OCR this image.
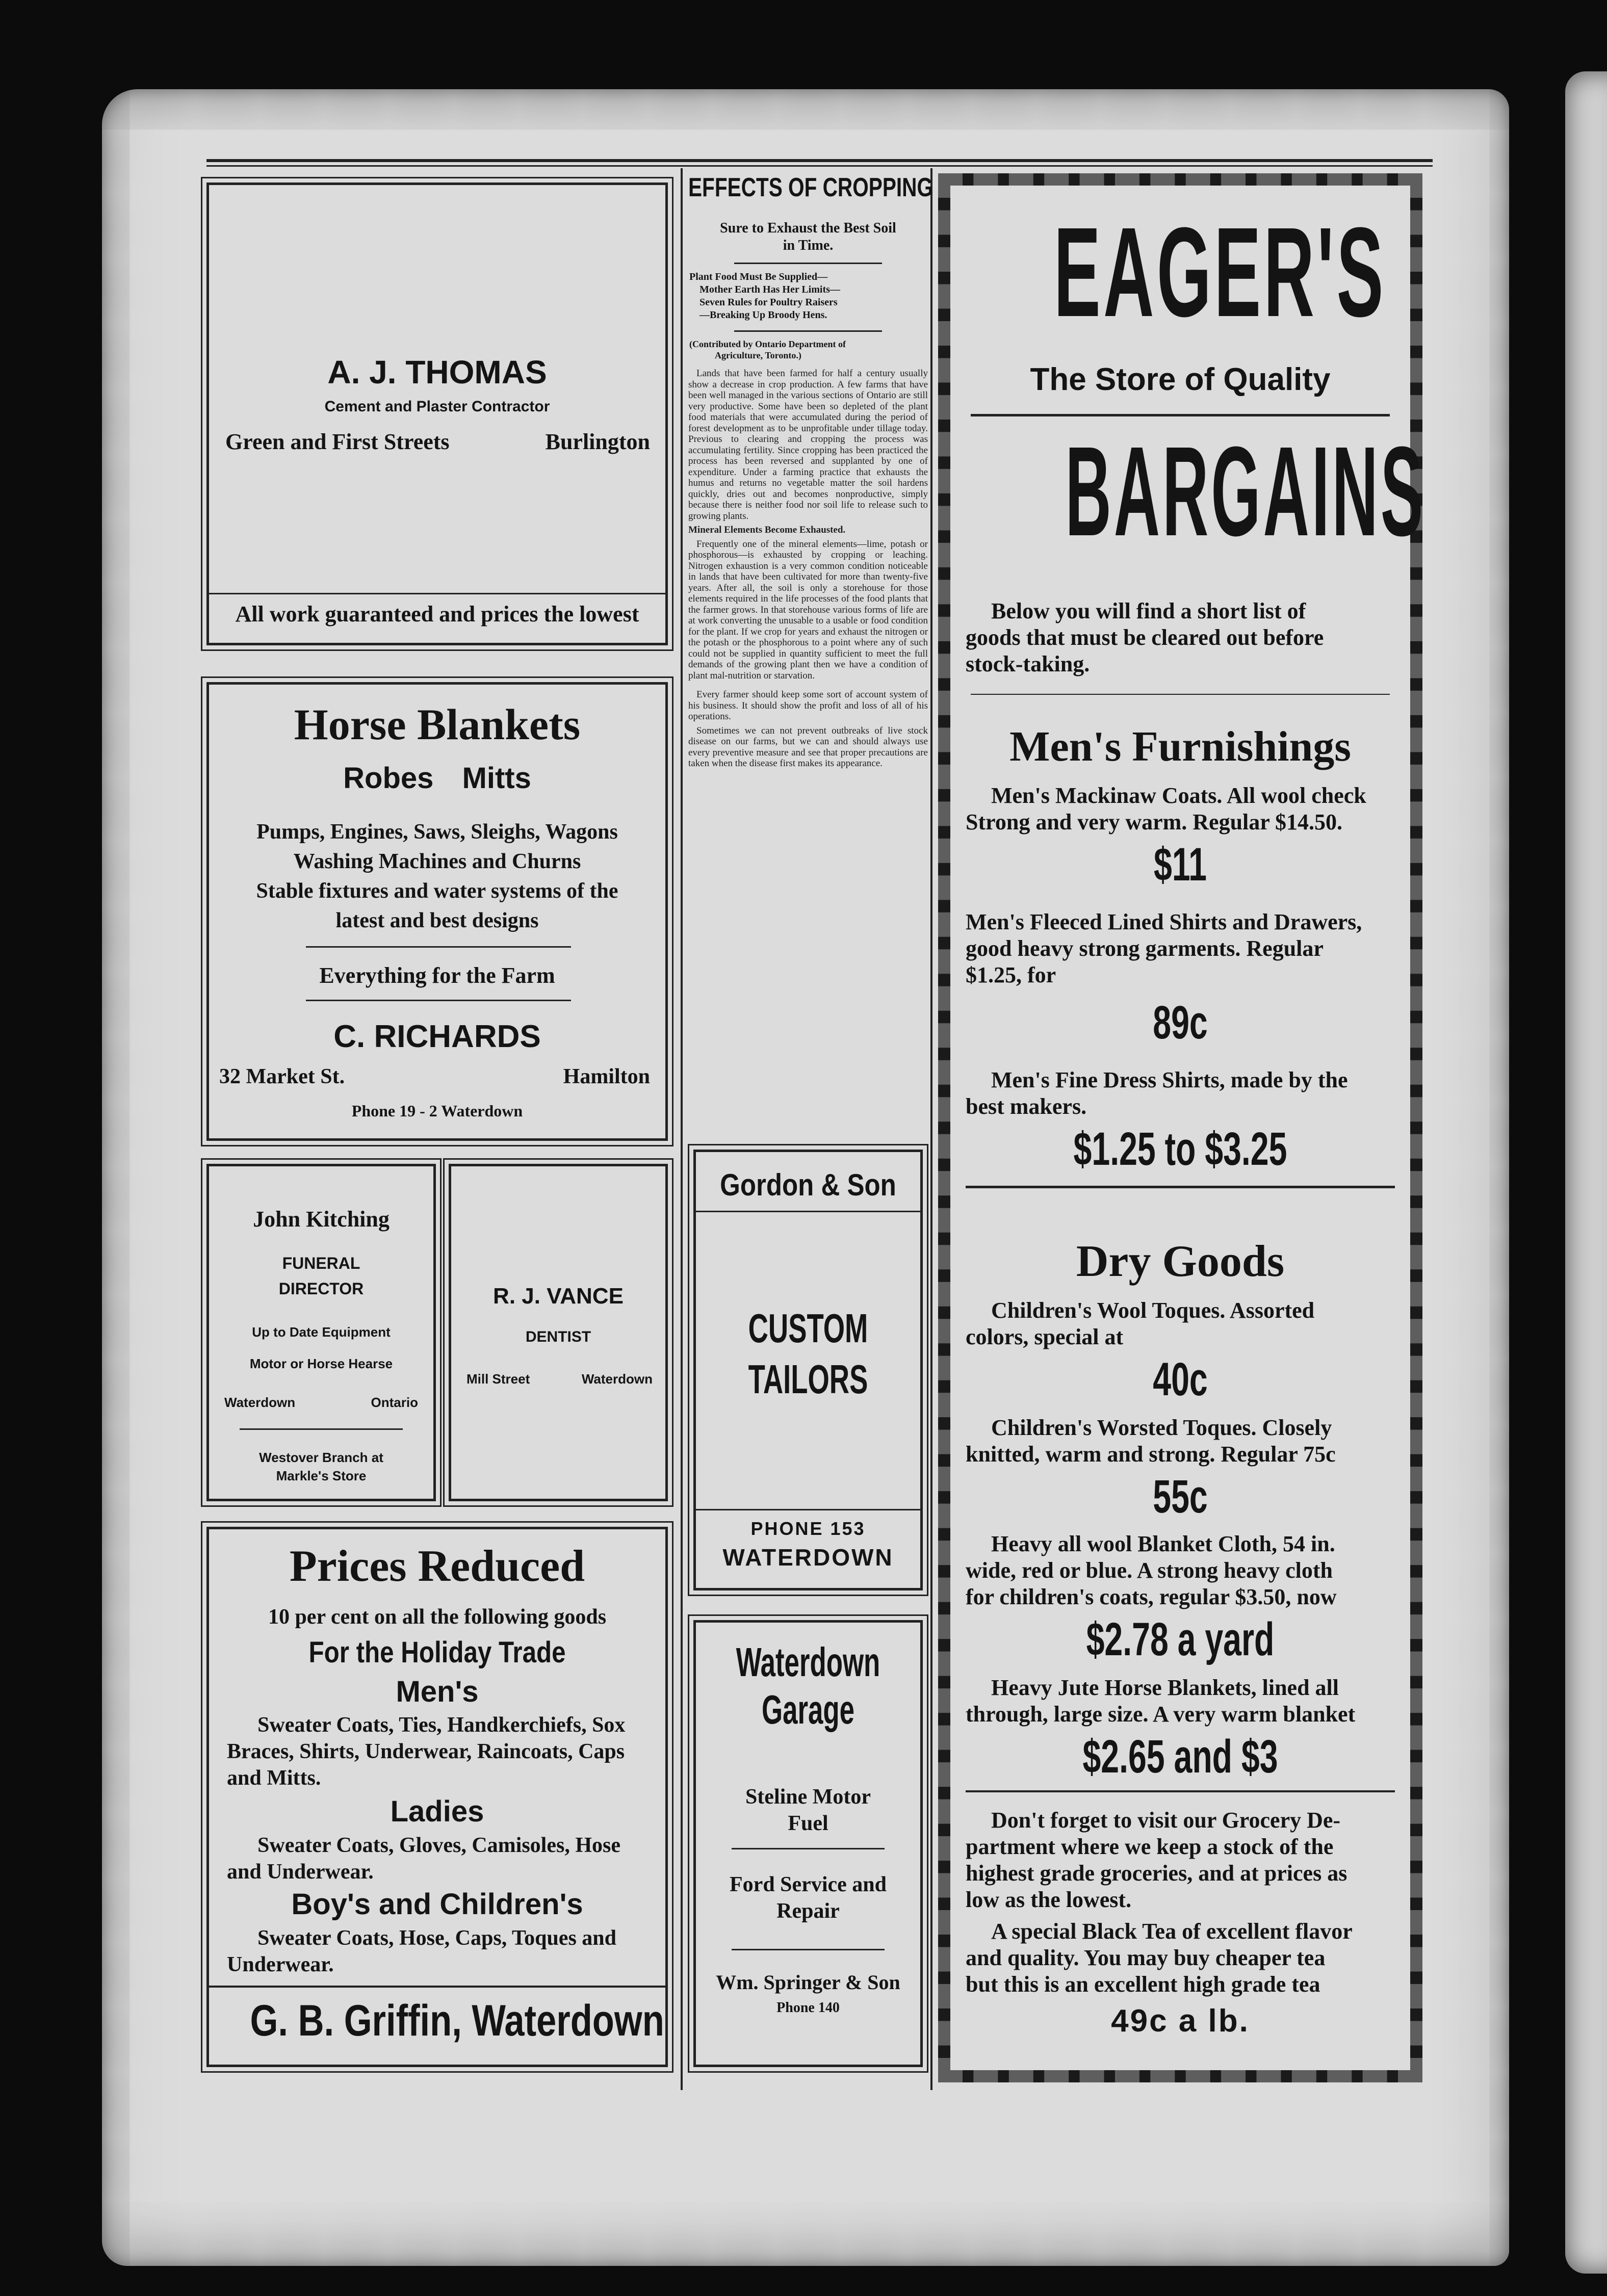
A. J. THOMAS
Cement and Plaster Contractor
Green and First Streets	Burlington
All work guaranteed and prices the lowest
Horse Blankets
Robes Mitts
Pumps, Engines, Saws, Sleighs, Wagons
Washing Machines and Churns
Stable fixtures and water systems of the
latest and best designs
Everything for the Farm
C. RICHARDS
32 Market St.	Hamilton
Phone 19 - 2 Waterdown
John Kitching
FUNERAL
DIRECTOR
Up to Date Equipment
Motor or Horse Hearse
Waterdown	Ontario
Westover Branch at
Markle's Store
R. J. VANCE
DENTIST
Mill Street	Waterdown
Prices Reduced
10 per cent on all the following goods
For the Holiday Trade
Men's
Sweater Coats, Ties, Handkerchiefs, Sox
Braces, Shirts, Underwear, Raincoats, Caps
and Mitts.
Ladies
Sweater Coats, Gloves, Camisoles, Hose
and Underwear.
Boy's and Children's
Sweater Coats, Hose, Caps, Toques and
Underwear.
G. B. Griffin, Waterdown
EFFECTS OF CROPPING
Sure to Exhaust the Best Soil
in Time.
Plant Food Must Be Supplied—
Mother Earth Has Her Limits—
Seven Rules for Poultry Raisers
—Breaking Up Broody Hens.
(Contributed by Ontario Department of
Agriculture, Toronto.)

Lands that have been farmed for half a century usually show a decrease in crop production. A few farms that have been well managed in the various sections of Ontario are still very productive. Some have been so depleted of the plant food materials that were accumulated during the period of forest development as to be unprofitable under tillage today. Previous to clearing and cropping the process was accumulating fertility. Since cropping has been practiced the process has been reversed and supplanted by one of expenditure. Under a farming practice that exhausts the humus and returns no vegetable matter the soil hardens quickly, dries out and becomes nonproductive, simply because there is neither food nor soil life to release such to growing plants.

Mineral Elements Become Exhausted.

Frequently one of the mineral elements—lime, potash or phosphorous—is exhausted by cropping or leaching. Nitrogen exhaustion is a very common condition noticeable in lands that have been cultivated for more than twenty-five years. After all, the soil is only a storehouse for those elements required in the life processes of the food plants that the farmer grows. In that storehouse various forms of life are at work converting the unusable to a usable or food condition for the plant. If we crop for years and exhaust the nitrogen or the potash or the phosphorous to a point where any of such could not be supplied in quantity sufficient to meet the full demands of the growing plant then we have a condition of plant mal-nutrition or starvation.

Every farmer should keep some sort of account system of his business. It should show the profit and loss of all of his operations.

Sometimes we can not prevent outbreaks of live stock disease on our farms, but we can and should always use every preventive measure and see that proper precautions are taken when the disease first makes its appearance.

Gordon & Son
CUSTOM
TAILORS
PHONE 153
WATERDOWN
Waterdown
Garage
Steline Motor
Fuel
Ford Service and
Repair
Wm. Springer & Son
Phone 140
EAGER'S
The Store of Quality
BARGAINS
Below you will find a short list of
goods that must be cleared out before
stock-taking.
Men's Furnishings
Men's Mackinaw Coats. All wool check
Strong and very warm. Regular $14.50.
$11
Men's Fleeced Lined Shirts and Drawers,
good heavy strong garments. Regular
$1.25, for
89c
Men's Fine Dress Shirts, made by the
best makers.
$1.25 to $3.25
Dry Goods
Children's Wool Toques. Assorted
colors, special at
40c
Children's Worsted Toques. Closely
knitted, warm and strong. Regular 75c
55c
Heavy all wool Blanket Cloth, 54 in.
wide, red or blue. A strong heavy cloth
for children's coats, regular $3.50, now
$2.78 a yard
Heavy Jute Horse Blankets, lined all
through, large size. A very warm blanket
$2.65 and $3
Don't forget to visit our Grocery De-
partment where we keep a stock of the
highest grade groceries, and at prices as
low as the lowest.
A special Black Tea of excellent flavor
and quality. You may buy cheaper tea
but this is an excellent high grade tea
49c a lb.
